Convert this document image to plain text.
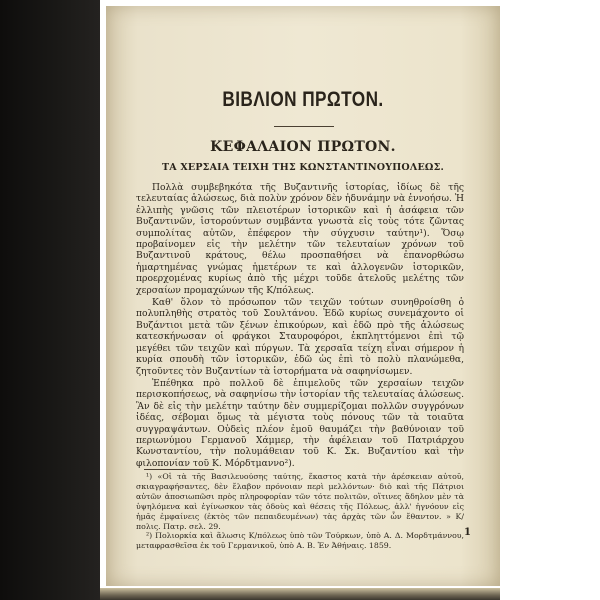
ΒΙΒΛΙΟΝ ΠΡΩΤΟΝ.
ΚΕΦΑΛΑΙΟΝ ΠΡΩΤΟΝ.
ΤΑ ΧΕΡΣΑΙΑ ΤΕΙΧΗ ΤΗΣ ΚΩΝΣΤΑΝΤΙΝΟΥΠΟΛΕΩΣ.

Πολλὰ συμβεβηκότα τῆς Βυζαντινῆς ἱστορίας, ἰδίως δὲ τῆς τελευταίας ἁλώσεως, διὰ πολὺν χρόνον δὲν ἠδυνάμην νὰ ἐννοήσω. Ἡ ἐλλιπὴς γνῶσις τῶν πλειοτέρων ἱστορικῶν καὶ ἡ ἀσάφεια τῶν Βυζαντινῶν, ἱστορούντων συμβάντα γνωστὰ εἰς τοὺς τότε ζῶντας συμπολίτας αὐτῶν, ἐπέφερον τὴν σύγχυσιν ταύτην¹). Ὅσῳ προβαίνομεν εἰς τὴν μελέτην τῶν τελευταίων χρόνων τοῦ Βυζαντινοῦ κράτους, θέλω προσπαθήσει νὰ ἐπανορθώσω ἡμαρτημένας γνώμας ἡμετέρων τε καὶ ἀλλογενῶν ἱστορικῶν, προερχομένας κυρίως ἀπὸ τῆς μέχρι τοῦδε ἀτελοῦς μελέτης τῶν χερσαίων προμαχώνων τῆς Κ/πόλεως.

Καθ' ὅλον τὸ πρόσωπον τῶν τειχῶν τούτων συνηθροίσθη ὁ πολυπληθὴς στρατὸς τοῦ Σουλτάνου. Ἐδῶ κυρίως συνεμάχοντο οἱ Βυζάντιοι μετὰ τῶν ξένων ἐπικούρων, καὶ ἐδῶ πρὸ τῆς ἁλώσεως κατεσκήνωσαν οἱ φράγκοι Σταυροφόροι, ἐκπληττόμενοι ἐπὶ τῷ μεγέθει τῶν τειχῶν καὶ πύργων. Τὰ χερσαῖα τείχη εἶναι σήμερον ἡ κυρία σπουδὴ τῶν ἱστορικῶν, ἐδῶ ὡς ἐπὶ τὸ πολὺ πλανώμεθα, ζητοῦντες τὸν Βυζαντίων τὰ ἱστορήματα νὰ σαφηνίσωμεν.

Ἐπέθηκα πρὸ πολλοῦ δὲ ἐπιμελοῦς τῶν χερσαίων τειχῶν περισκοπήσεως, νὰ σαφηνίσω τὴν ἱστορίαν τῆς τελευταίας ἁλώσεως. Ἂν δὲ εἰς τὴν μελέτην ταύτην δὲν συμμερίζομαι πολλῶν συγγρόνων ἰδέας, σέβομαι ὅμως τὰ μέγιστα τοὺς πόνους τῶν τὰ τοιαῦτα συγγραψάντων. Οὐδεὶς πλέον ἐμοῦ θαυμάζει τὴν βαθύνοιαν τοῦ περιωνύμου Γερμανοῦ Χάμμερ, τὴν ἀφέλειαν τοῦ Πατριάρχου Κωνσταντίου, τὴν πολυμάθειαν τοῦ Κ. Σκ. Βυζαντίου καὶ τὴν φιλοπονίαν τοῦ Κ. Μόρδτμαννο²).

¹) «Οἱ τὰ τῆς Βασιλευούσης ταύτης, ἕκαστος κατὰ τὴν ἀρέσκειαν αὐτοῦ, σκιαγραφήσαντες, δὲν ἔλαβον πρόνοιαν περὶ μελλόντων· διὸ καὶ τῆς Πάτριοι αὐτῶν ἀποσιωπῶσι πρὸς πληροφορίαν τῶν τότε πολιτῶν, οἵτινες ἄδηλον μὲν τὰ ὑψηλόμενα καὶ ἐγίνωσκον τὰς ὁδοὺς καὶ θέσεις τῆς Πόλεως, ἀλλ' ἠγνόουν εἰς ἡμᾶς ἐμφαίνεις (ἐκτὸς τῶν πεπαιδευμένων) τὰς ἀρχὰς τῶν ὧν ἔθαντον. » Κ/πολις. Πατρ. σελ. 29.

²) Πολιορκία καὶ ἅλωσις Κ/πόλεως ὑπὸ τῶν Τούρκων, ὑπὸ Α. Δ. Μορδτμάννου, μεταφρασθεῖσα ἐκ τοῦ Γερμανικοῦ, ὑπὸ Α. Β. Ἐν Ἀθήναις. 1859.

1
